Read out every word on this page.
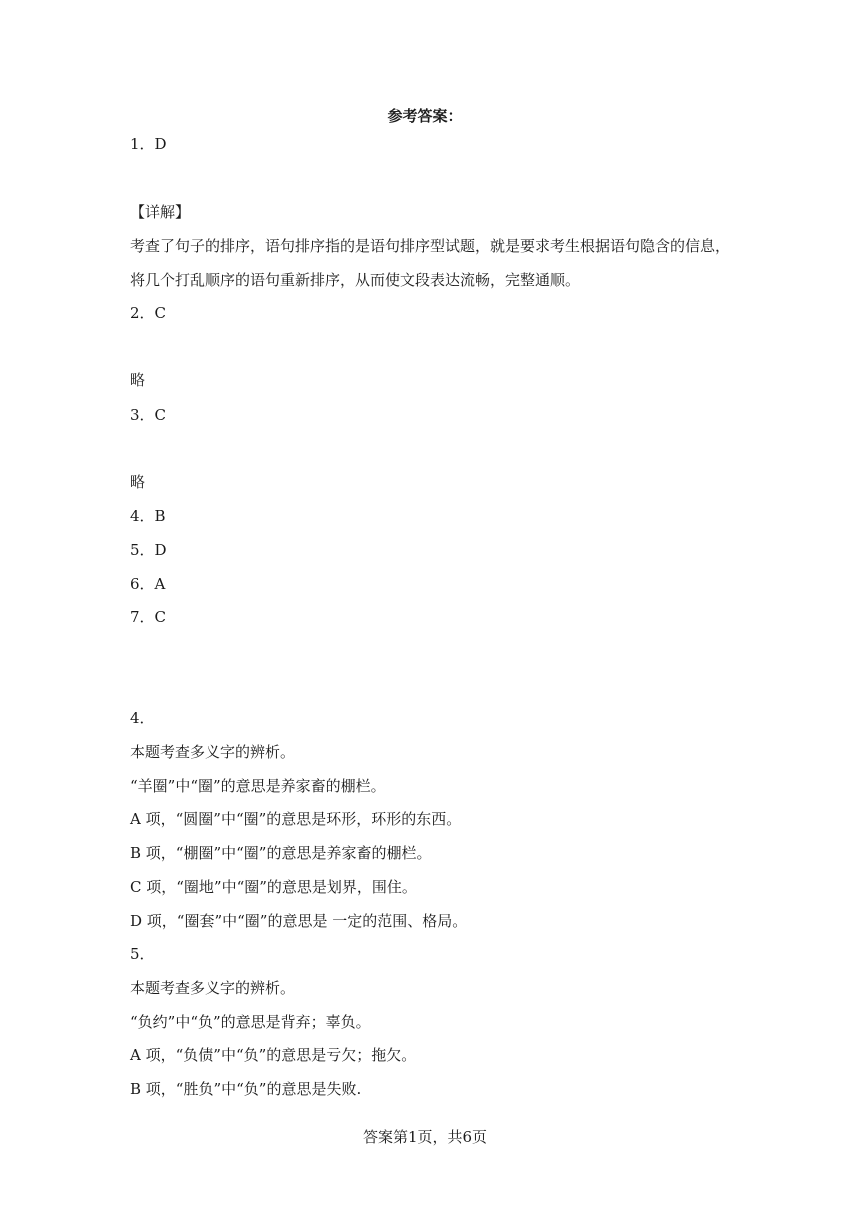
参考答案：
1．D
【详解】
考查了句子的排序，语句排序指的是语句排序型试题，就是要求考生根据语句隐含的信息，
将几个打乱顺序的语句重新排序，从而使文段表达流畅，完整通顺。
2．C
略
3．C
略
4．B
5．D
6．A
7．C
4．
本题考查多义字的辨析。
“羊圈”中“圈”的意思是养家畜的棚栏。
A 项，“圆圈”中“圈”的意思是环形，环形的东西。
B 项，“棚圈”中“圈”的意思是养家畜的棚栏。
C 项，“圈地”中“圈”的意思是划界，围住。
D 项，“圈套”中“圈”的意思是 一定的范围、格局。
5．
本题考查多义字的辨析。
“负约”中“负”的意思是背弃；辜负。
A 项，“负债”中“负”的意思是亏欠；拖欠。
B 项，“胜负”中“负”的意思是失败.
答案第1页，共6页
